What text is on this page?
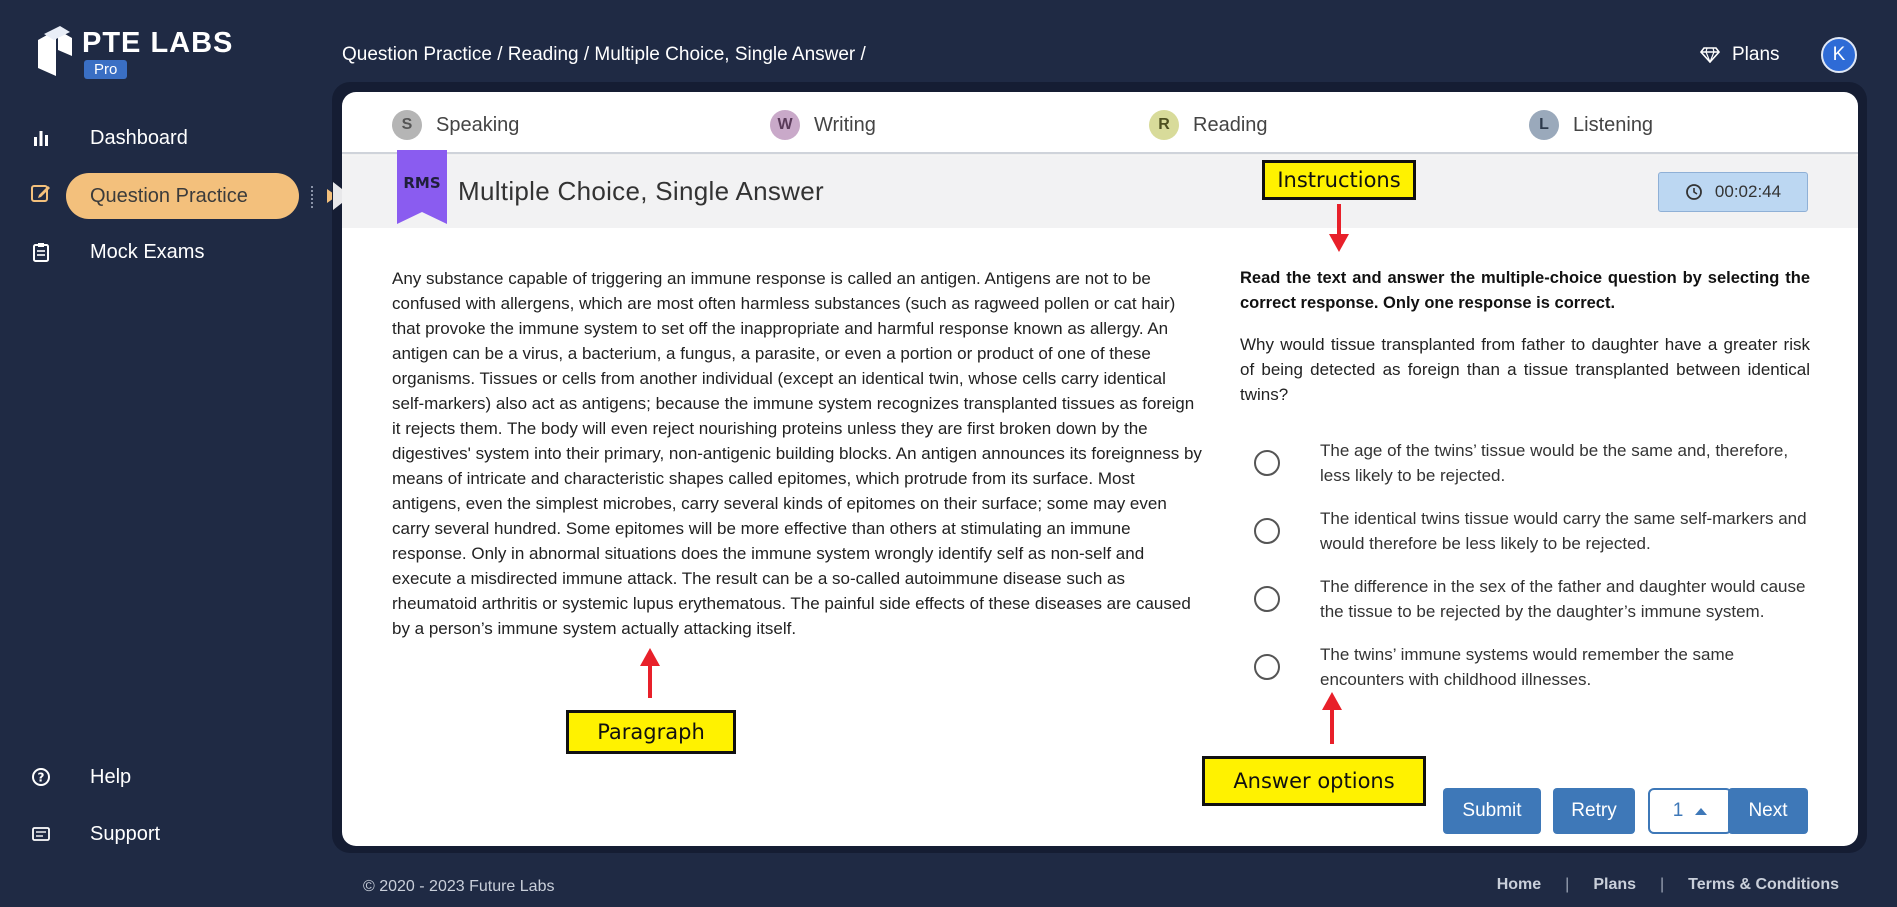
PTE LABS
Pro
Dashboard
Question Practice
Mock Exams
? Help
Support
Question Practice / Reading / Multiple Choice, Single Answer /	Plans	K
S	Speaking	W	Writing	R	Reading	L	Listening
RMS Multiple Choice, Single Answer	00:02:44
Any substance capable of triggering an immune response is called an antigen. Antigens are not to be confused with allergens, which are most often harmless substances (such as ragweed pollen or cat hair) that provoke the immune system to set off the inappropriate and harmful response known as allergy. An antigen can be a virus, a bacterium, a fungus, a parasite, or even a portion or product of one of these organisms. Tissues or cells from another individual (except an identical twin, whose cells carry identical self-markers) also act as antigens; because the immune system recognizes transplanted tissues as foreign it rejects them. The body will even reject nourishing proteins unless they are first broken down by the digestives' system into their primary, non-antigenic building blocks. An antigen announces its foreignness by means of intricate and characteristic shapes called epitomes, which protrude from its surface. Most antigens, even the simplest microbes, carry several kinds of epitomes on their surface; some may even carry several hundred. Some epitomes will be more effective than others at stimulating an immune response. Only in abnormal situations does the immune system wrongly identify self as non-self and execute a misdirected immune attack. The result can be a so-called autoimmune disease such as rheumatoid arthritis or systemic lupus erythematous. The painful side effects of these diseases are caused by a person’s immune system actually attacking itself.
Read the text and answer the multiple-choice question by selecting the correct response. Only one response is correct.
Why would tissue transplanted from father to daughter have a greater risk of being detected as foreign than a tissue transplanted between identical twins?
The age of the twins’ tissue would be the same and, therefore, less likely to be rejected.
The identical twins tissue would carry the same self-markers and would therefore be less likely to be rejected.
The difference in the sex of the father and daughter would cause the tissue to be rejected by the daughter’s immune system.
The twins’ immune systems would remember the same encounters with childhood illnesses.
Submit	Retry	1	Next
Instructions
Paragraph
Answer options
© 2020 - 2023 Future Labs	Home | Plans | Terms & Conditions
